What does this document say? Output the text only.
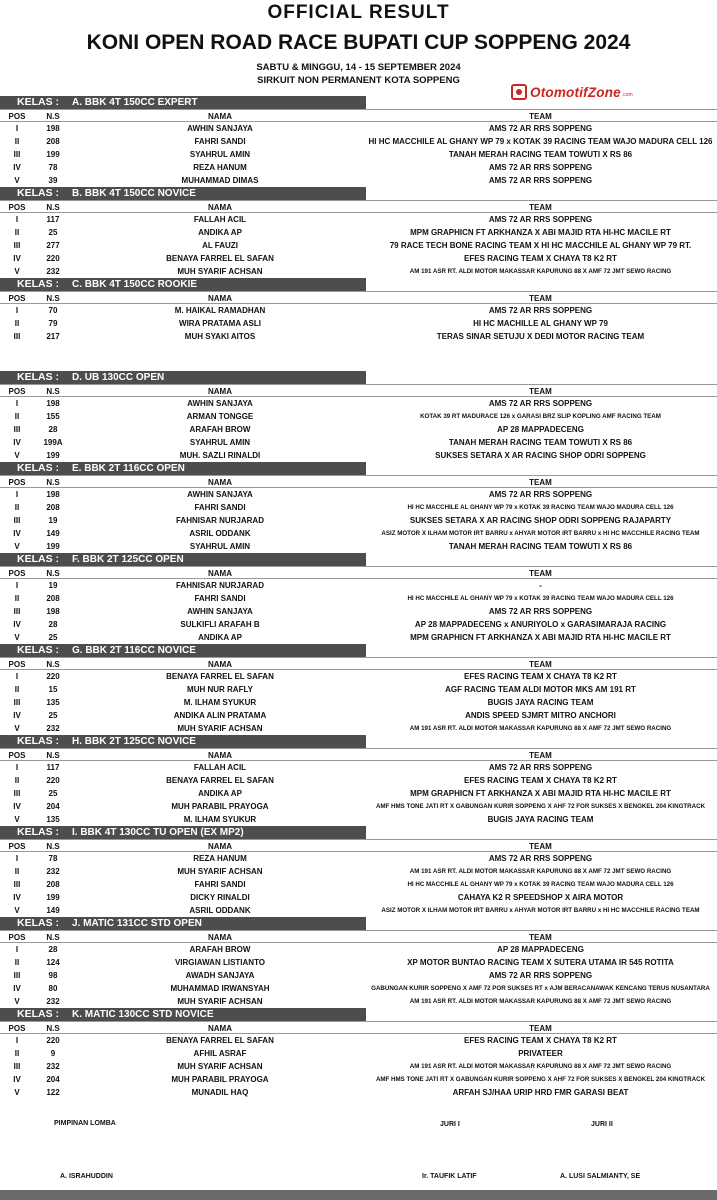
OFFICIAL RESULT
KONI OPEN ROAD RACE BUPATI CUP SOPPENG 2024
SABTU & MINGGU, 14 - 15 SEPTEMBER 2024
SIRKUIT NON PERMANENT KOTA SOPPENG
OtomotifZone .com
KELAS : A. BBK 4T 150CC EXPERT
POS	N.S	NAMA	TEAM
I	198	AWHIN SANJAYA	AMS 72 AR RRS SOPPENG
II	208	FAHRI SANDI	HI HC MACCHILE AL GHANY WP 79 x KOTAK 39 RACING TEAM WAJO MADURA CELL 126
III	199	SYAHRUL AMIN	TANAH MERAH RACING TEAM TOWUTI X RS 86
IV	78	REZA HANUM	AMS 72 AR RRS SOPPENG
V	39	MUHAMMAD DIMAS	AMS 72 AR RRS SOPPENG
KELAS : B. BBK 4T 150CC NOVICE
POS	N.S	NAMA	TEAM
I	117	FALLAH ACIL	AMS 72 AR RRS SOPPENG
II	25	ANDIKA AP	MPM GRAPHICN FT ARKHANZA X ABI MAJID RTA HI-HC MACILE RT
III	277	AL FAUZI	79 RACE TECH BONE RACING TEAM X HI HC MACCHILE AL GHANY WP 79 RT.
IV	220	BENAYA FARREL EL SAFAN	EFES RACING TEAM X CHAYA T8 K2 RT
V	232	MUH SYARIF ACHSAN	AM 191 ASR RT. ALDI MOTOR MAKASSAR KAPURUNG 88 X AMF 72 JMT SEWO RACING
KELAS : C. BBK 4T 150CC ROOKIE
POS	N.S	NAMA	TEAM
I	70	M. HAIKAL RAMADHAN	AMS 72 AR RRS SOPPENG
II	79	WIRA PRATAMA ASLI	HI HC MACHILLE AL GHANY WP 79
III	217	MUH SYAKI AITOS	TERAS SINAR SETUJU X DEDI MOTOR RACING TEAM
KELAS : D. UB 130CC OPEN
POS	N.S	NAMA	TEAM
I	198	AWHIN SANJAYA	AMS 72 AR RRS SOPPENG
II	155	ARMAN TONGGE	KOTAK 39 RT MADURACE 126 x GARASI BRZ SLIP KOPLING AMF RACING TEAM
III	28	ARAFAH BROW	AP 28 MAPPADECENG
IV	199A	SYAHRUL AMIN	TANAH MERAH RACING TEAM TOWUTI X RS 86
V	199	MUH. SAZLI RINALDI	SUKSES SETARA X AR RACING SHOP ODRI SOPPENG
KELAS : E. BBK 2T 116CC OPEN
POS	N.S	NAMA	TEAM
I	198	AWHIN SANJAYA	AMS 72 AR RRS SOPPENG
II	208	FAHRI SANDI	HI HC MACCHILE AL GHANY WP 79 x KOTAK 39 RACING TEAM WAJO MADURA CELL 126
III	19	FAHNISAR NURJARAD	SUKSES SETARA X AR RACING SHOP ODRI SOPPENG RAJAPARTY
IV	149	ASRIL ODDANK	ASIZ MOTOR X ILHAM MOTOR IRT BARRU x AHYAR MOTOR IRT BARRU x HI HC MACCHILE RACING TEAM
V	199	SYAHRUL AMIN	TANAH MERAH RACING TEAM TOWUTI X RS 86
KELAS : F. BBK 2T 125CC OPEN
POS	N.S	NAMA	TEAM
I	19	FAHNISAR NURJARAD	-
II	208	FAHRI SANDI	HI HC MACCHILE AL GHANY WP 79 x KOTAK 39 RACING TEAM WAJO MADURA CELL 126
III	198	AWHIN SANJAYA	AMS 72 AR RRS SOPPENG
IV	28	SULKIFLI ARAFAH B	AP 28 MAPPADECENG x ANURIYOLO x GARASIMARAJA RACING
V	25	ANDIKA AP	MPM GRAPHICN FT ARKHANZA X ABI MAJID RTA HI-HC MACILE RT
KELAS : G. BBK 2T 116CC NOVICE
POS	N.S	NAMA	TEAM
I	220	BENAYA FARREL EL SAFAN	EFES RACING TEAM X CHAYA T8 K2 RT
II	15	MUH NUR RAFLY	AGF RACING TEAM ALDI MOTOR MKS AM 191 RT
III	135	M. ILHAM SYUKUR	BUGIS JAYA RACING TEAM
IV	25	ANDIKA ALIN PRATAMA	ANDIS SPEED SJMRT MITRO ANCHORI
V	232	MUH SYARIF ACHSAN	AM 191 ASR RT. ALDI MOTOR MAKASSAR KAPURUNG 88 X AMF 72 JMT SEWO RACING
KELAS : H. BBK 2T 125CC NOVICE
POS	N.S	NAMA	TEAM
I	117	FALLAH ACIL	AMS 72 AR RRS SOPPENG
II	220	BENAYA FARREL EL SAFAN	EFES RACING TEAM X CHAYA T8 K2 RT
III	25	ANDIKA AP	MPM GRAPHICN FT ARKHANZA X ABI MAJID RTA HI-HC MACILE RT
IV	204	MUH PARABIL PRAYOGA	AMF HMS TONE JATI RT X GABUNGAN KURIR SOPPENG X AHF 72 FOR SUKSES X BENGKEL 204 KINGTRACK
V	135	M. ILHAM SYUKUR	BUGIS JAYA RACING TEAM
KELAS : I. BBK 4T 130CC TU OPEN (EX MP2)
POS	N.S	NAMA	TEAM
I	78	REZA HANUM	AMS 72 AR RRS SOPPENG
II	232	MUH SYARIF ACHSAN	AM 191 ASR RT. ALDI MOTOR MAKASSAR KAPURUNG 88 X AMF 72 JMT SEWO RACING
III	208	FAHRI SANDI	HI HC MACCHILE AL GHANY WP 79 x KOTAK 39 RACING TEAM WAJO MADURA CELL 126
IV	199	DICKY RINALDI	CAHAYA K2 R SPEEDSHOP X AIRA MOTOR
V	149	ASRIL ODDANK	ASIZ MOTOR X ILHAM MOTOR IRT BARRU x AHYAR MOTOR IRT BARRU x HI HC MACCHILE RACING TEAM
KELAS : J. MATIC 131CC STD OPEN
POS	N.S	NAMA	TEAM
I	28	ARAFAH BROW	AP 28 MAPPADECENG
II	124	VIRGIAWAN LISTIANTO	XP MOTOR BUNTAO RACING TEAM X SUTERA UTAMA IR 545 ROTITA
III	98	AWADH SANJAYA	AMS 72 AR RRS SOPPENG
IV	80	MUHAMMAD IRWANSYAH	GABUNGAN KURIR SOPPENG X AMF 72 POR SUKSES RT x AJM BERACANAWAK KENCANG TERUS NUSANTARA
V	232	MUH SYARIF ACHSAN	AM 191 ASR RT. ALDI MOTOR MAKASSAR KAPURUNG 88 X AMF 72 JMT SEWO RACING
KELAS : K. MATIC 130CC STD NOVICE
POS	N.S	NAMA	TEAM
I	220	BENAYA FARREL EL SAFAN	EFES RACING TEAM X CHAYA T8 K2 RT
II	9	AFHIL ASRAF	PRIVATEER
III	232	MUH SYARIF ACHSAN	AM 191 ASR RT. ALDI MOTOR MAKASSAR KAPURUNG 88 X AMF 72 JMT SEWO RACING
IV	204	MUH PARABIL PRAYOGA	AMF HMS TONE JATI RT X GABUNGAN KURIR SOPPENG X AHF 72 FOR SUKSES X BENGKEL 204 KINGTRACK
V	122	MUNADIL HAQ	ARFAH SJ/HAA URIP HRD FMR GARASI BEAT
PIMPINAN LOMBA	JURI I	JURI II
A. ISRAHUDDIN	Ir. TAUFIK LATIF	A. LUSI SALMIANTY, SE
